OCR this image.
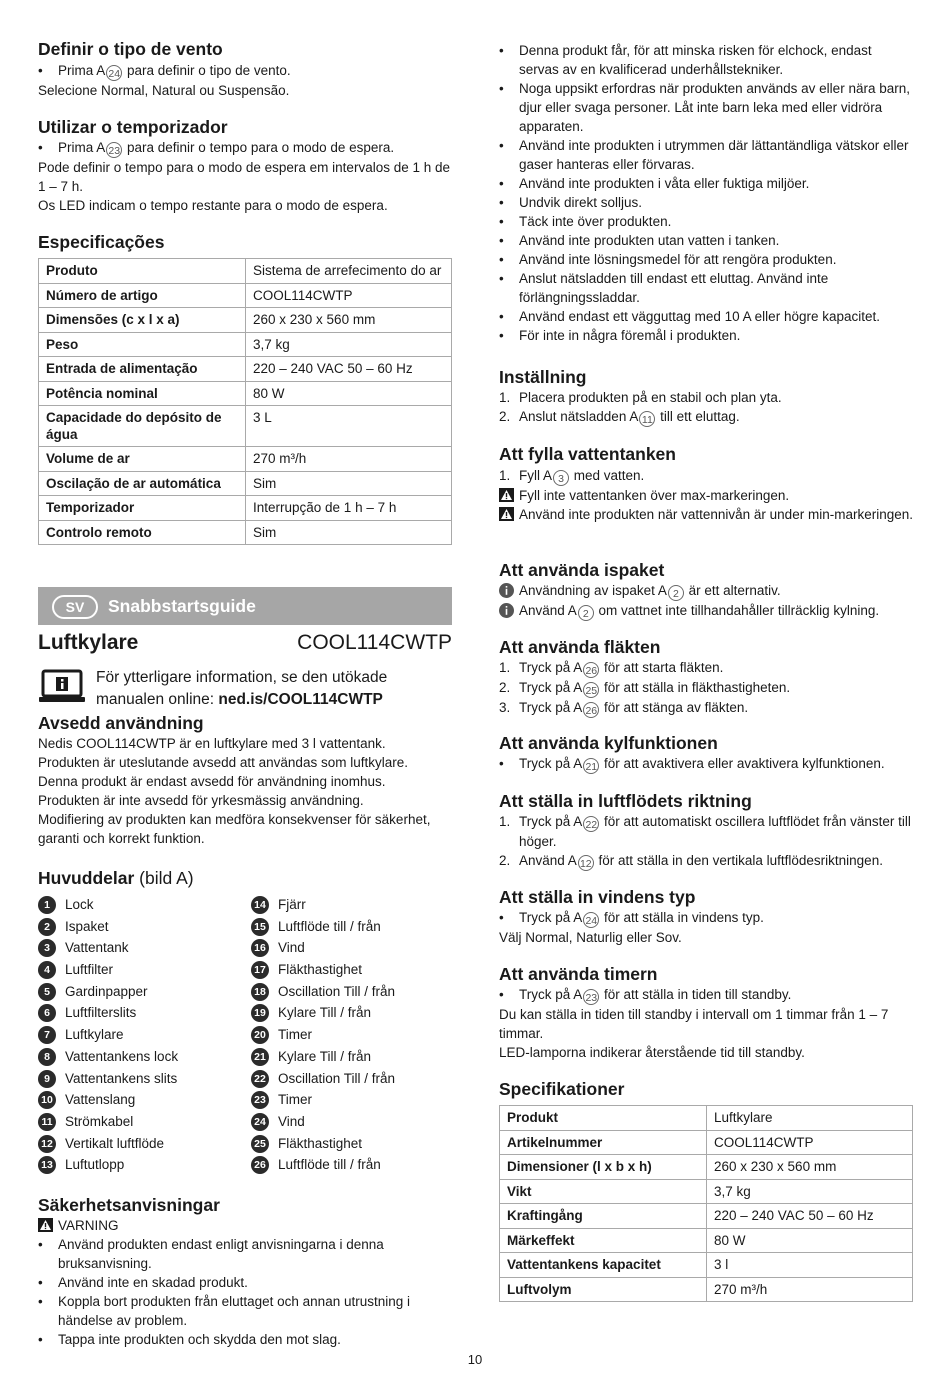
Definir o tipo de vento
• Prima A 24 para definir o tipo de vento.

Selecione Normal, Natural ou Suspensão.

Utilizar o temporizador
• Prima A 23 para definir o tempo para o modo de espera.

Pode definir o tempo para o modo de espera em intervalos de 1 h de 1 – 7 h.

Os LED indicam o tempo restante para o modo de espera.

Especificações
Produto	Sistema de arrefecimento do ar
Número de artigo	COOL114CWTP
Dimensões (c x l x a)	260 x 230 x 560 mm
Peso	3,7 kg
Entrada de alimentação	220 – 240 VAC 50 – 60 Hz
Potência nominal	80 W
Capacidade do depósito de água	3 L
Volume de ar	270 m³/h
Oscilação de ar automática	Sim
Temporizador	Interrupção de 1 h – 7 h
Controlo remoto	Sim
SV	Snabbstartsguide
Luftkylare	COOL114CWTP
För ytterligare information, se den utökade
manualen online: ned.is/COOL114CWTP
Avsedd användning

Nedis COOL114CWTP är en luftkylare med 3 l vattentank.

Produkten är uteslutande avsedd att användas som luftkylare.

Denna produkt är endast avsedd för användning inomhus.

Produkten är inte avsedd för yrkesmässig användning.

Modifiering av produkten kan medföra konsekvenser för säkerhet, garanti och korrekt funktion.

Huvuddelar (bild A)
1	Lock
2	Ispaket
3	Vattentank
4	Luftfilter
5	Gardinpapper
6	Luftfilterslits
7	Luftkylare
8	Vattentankens lock
9	Vattentankens slits
10 Vattenslang
11 Strömkabel
12 Vertikalt luftflöde
13 Luftutlopp
14 Fjärr
15 Luftflöde till / från
16 Vind
17 Fläkthastighet
18 Oscillation Till / från
19 Kylare Till / från
20 Timer
21 Kylare Till / från
22 Oscillation Till / från
23 Timer
24 Vind
25 Fläkthastighet
26 Luftflöde till / från
Säkerhetsanvisningar
VARNING
• Använd produkten endast enligt anvisningarna i denna bruksanvisning.
• Använd inte en skadad produkt.
• Koppla bort produkten från eluttaget och annan utrustning i händelse av problem.
• Tappa inte produkten och skydda den mot slag.
• Denna produkt får, för att minska risken för elchock, endast servas av en kvalificerad underhållstekniker.
• Noga uppsikt erfordras när produkten används av eller nära barn, djur eller svaga personer. Låt inte barn leka med eller vidröra apparaten.
• Använd inte produkten i utrymmen där lättantändliga vätskor eller gaser hanteras eller förvaras.
• Använd inte produkten i våta eller fuktiga miljöer.
• Undvik direkt solljus.
• Täck inte över produkten.
• Använd inte produkten utan vatten i tanken.
• Använd inte lösningsmedel för att rengöra produkten.
• Anslut nätsladden till endast ett eluttag. Använd inte förlängningssladdar.
• Använd endast ett vägguttag med 10 A eller högre kapacitet.
• För inte in några föremål i produkten.
Inställning
1. Placera produkten på en stabil och plan yta.
2. Anslut nätsladden A 11 till ett eluttag.
Att fylla vattentanken
1. Fyll A 3 med vatten.
Fyll inte vattentanken över max-markeringen.
Använd inte produkten när vattennivån är under min-markeringen.
Att använda ispaket
Användning av ispaket A 2 är ett alternativ.
Använd A 2 om vattnet inte tillhandahåller tillräcklig kylning.
Att använda fläkten
1. Tryck på A 26 för att starta fläkten.
2. Tryck på A 25 för att ställa in fläkthastigheten.
3. Tryck på A 26 för att stänga av fläkten.
Att använda kylfunktionen
• Tryck på A 21 för att avaktivera eller avaktivera kylfunktionen.
Att ställa in luftflödets riktning
1. Tryck på A 22 för att automatiskt oscillera luftflödet från vänster till höger.
2. Använd A 12 för att ställa in den vertikala luftflödesriktningen.
Att ställa in vindens typ
• Tryck på A 24 för att ställa in vindens typ.

Välj Normal, Naturlig eller Sov.

Att använda timern
• Tryck på A 23 för att ställa in tiden till standby.

Du kan ställa in tiden till standby i intervall om 1 timmar från 1 – 7 timmar.

LED-lamporna indikerar återstående tid till standby.

Specifikationer
Produkt	Luftkylare
Artikelnummer	COOL114CWTP
Dimensioner (l x b x h)	260 x 230 x 560 mm
Vikt	3,7 kg
Kraftingång	220 – 240 VAC 50 – 60 Hz
Märkeffekt	80 W
Vattentankens kapacitet	3 l
Luftvolym	270 m³/h
10
